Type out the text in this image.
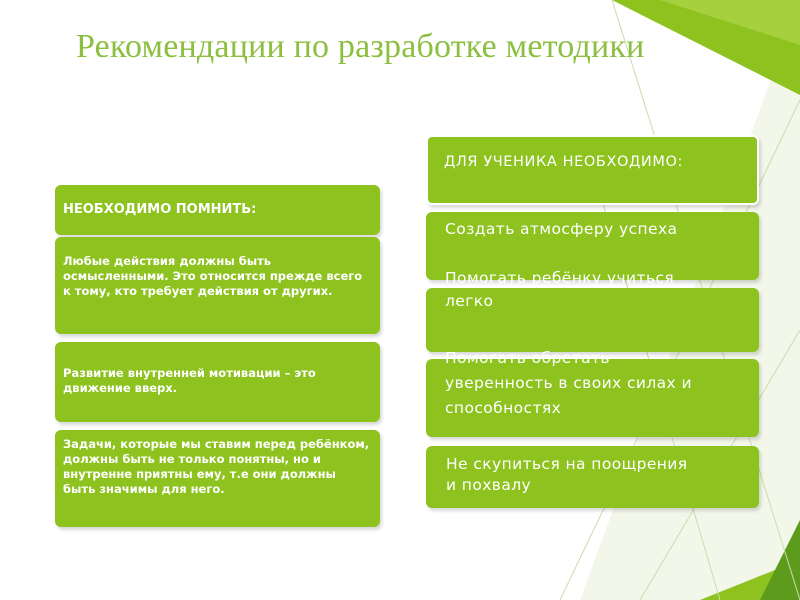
Рекомендации по разработке методики
НЕОБХОДИМО ПОМНИТЬ:
Любые действия должны быть осмысленными. Это относится прежде всего к тому, кто требует действия от других.
Развитие внутренней мотивации – это движение вверх.
Задачи, которые мы ставим перед ребёнком, должны быть не только понятны, но и внутренне приятны ему, т.е они должны быть значимы для него.
ДЛЯ УЧЕНИКА НЕОБХОДИМО:
Создать атмосферу успеха
Помогать ребёнку учиться
легко
Помогать обретать
уверенность в своих силах и
способностях
Не скупиться на поощрения
и похвалу
